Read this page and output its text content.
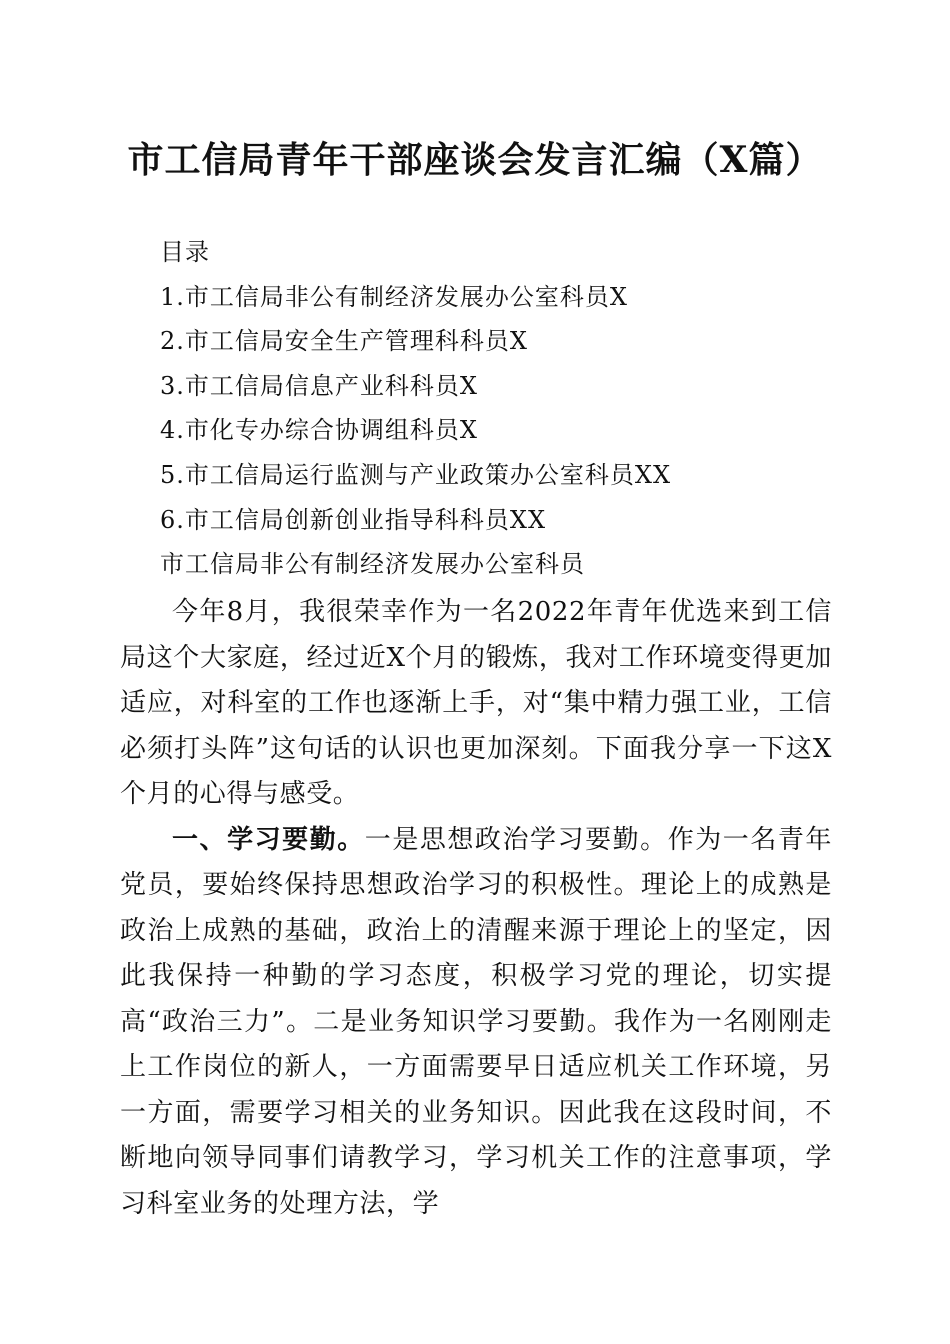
市工信局青年干部座谈会发言汇编（X篇）
目录
1.市工信局非公有制经济发展办公室科员X
2.市工信局安全生产管理科科员X
3.市工信局信息产业科科员X
4.市化专办综合协调组科员X
5.市工信局运行监测与产业政策办公室科员XX
6.市工信局创新创业指导科科员XX
市工信局非公有制经济发展办公室科员

今年8月，我很荣幸作为一名2022年青年优选来到工信局这个大家庭，经过近X个月的锻炼，我对工作环境变得更加适应，对科室的工作也逐渐上手，对“集中精力强工业，工信必须打头阵”这句话的认识也更加深刻。下面我分享一下这X个月的心得与感受。

一、学习要勤。一是思想政治学习要勤。作为一名青年党员，要始终保持思想政治学习的积极性。理论上的成熟是政治上成熟的基础，政治上的清醒来源于理论上的坚定，因此我保持一种勤的学习态度，积极学习党的理论，切实提高“政治三力”。二是业务知识学习要勤。我作为一名刚刚走上工作岗位的新人，一方面需要早日适应机关工作环境，另一方面，需要学习相关的业务知识。因此我在这段时间，不断地向领导同事们请教学习，学习机关工作的注意事项，学习科室业务的处理方法，学
